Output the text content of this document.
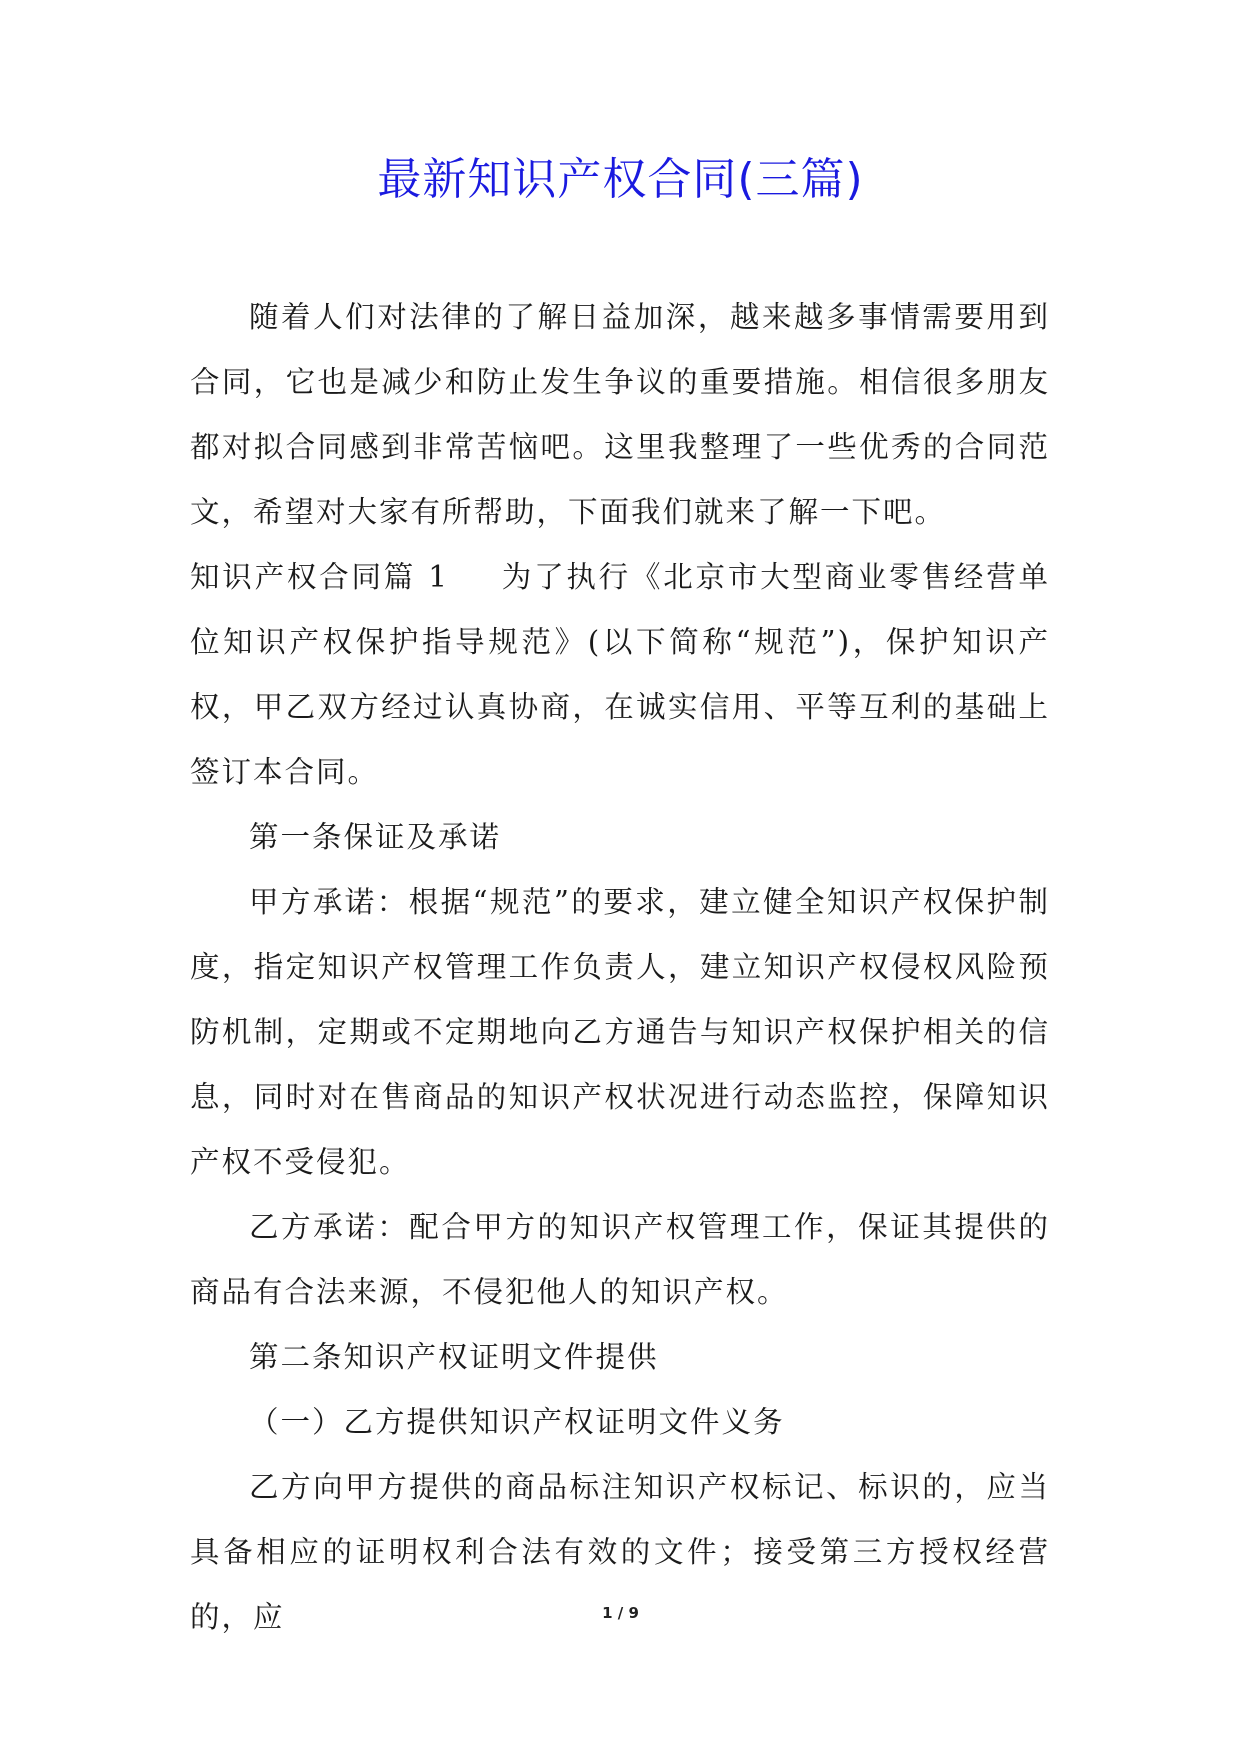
最新知识产权合同(三篇)

随着人们对法律的了解日益加深，越来越多事情需要用到合同，它也是减少和防止发生争议的重要措施。相信很多朋友都对拟合同感到非常苦恼吧。这里我整理了一些优秀的合同范文，希望对大家有所帮助，下面我们就来了解一下吧。

知识产权合同篇 1 为了执行《北京市大型商业零售经营单位知识产权保护指导规范》(以下简称“规范”)，保护知识产权，甲乙双方经过认真协商，在诚实信用、平等互利的基础上签订本合同。

第一条保证及承诺

甲方承诺：根据“规范”的要求，建立健全知识产权保护制度，指定知识产权管理工作负责人，建立知识产权侵权风险预防机制，定期或不定期地向乙方通告与知识产权保护相关的信息，同时对在售商品的知识产权状况进行动态监控，保障知识产权不受侵犯。

乙方承诺：配合甲方的知识产权管理工作，保证其提供的商品有合法来源，不侵犯他人的知识产权。

第二条知识产权证明文件提供

（一）乙方提供知识产权证明文件义务

乙方向甲方提供的商品标注知识产权标记、标识的，应当具备相应的证明权利合法有效的文件；接受第三方授权经营的，应	1 / 9
